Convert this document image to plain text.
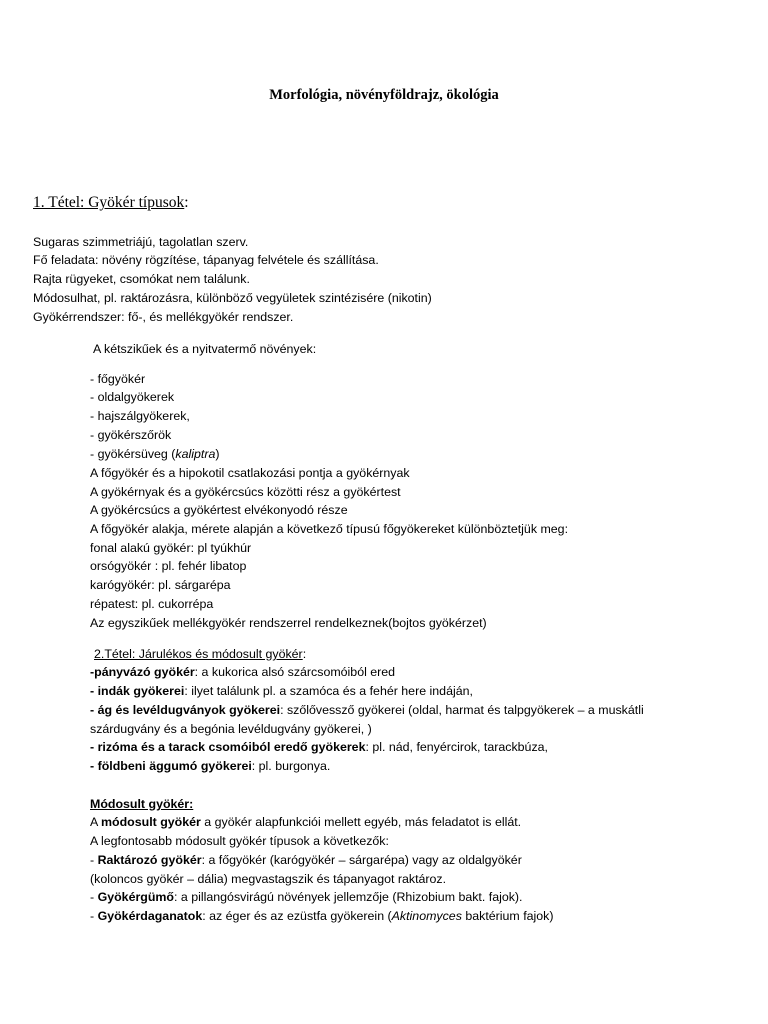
Morfológia, növényföldrajz, ökológia
1. Tétel: Gyökér típusok:
Sugaras szimmetriájú, tagolatlan szerv.
Fő feladata: növény rögzítése, tápanyag felvétele és szállítása.
Rajta rügyeket, csomókat nem találunk.
Módosulhat, pl. raktározásra, különböző vegyületek szintézisére (nikotin)
Gyökérrendszer: fő-, és mellékgyökér rendszer.
A kétszikűek és a nyitvatermő növények:
- főgyökér
- oldalgyökerek
- hajszálgyökerek,
- gyökérszőrök
- gyökérsüveg (kaliptra)
A főgyökér és a hipokotil csatlakozási pontja a gyökérnyak
A gyökérnyak és a gyökércsúcs közötti rész a gyökértest
A gyökércsúcs a gyökértest elvékonyodó része
A főgyökér alakja, mérete alapján a következő típusú főgyökereket különböztetjük meg:
fonal alakú gyökér: pl tyúkhúr
orsógyökér : pl. fehér libatop
karógyökér: pl. sárgarépa
répatest: pl. cukorrépa
Az egyszikűek mellékgyökér rendszerrel rendelkeznek(bojtos gyökérzet)
2.Tétel: Járulékos és módosult gyökér:
-pányvázó gyökér: a kukorica alsó szárcsomóiból ered
- indák gyökerei: ilyet találunk pl. a szamóca és a fehér here indáján,
- ág és levéldugványok gyökerei: szőlővessző gyökerei (oldal, harmat és talpgyökerek – a muskátli
szárdugvány és a begónia levéldugvány gyökerei, )
- rizóma és a tarack csomóiból eredő gyökerek: pl. nád, fenyércirok, tarackbúza,
- földbeni äggumó gyökerei: pl. burgonya.
Módosult gyökér:
A módosult gyökér a gyökér alapfunkciói mellett egyéb, más feladatot is ellát.
A legfontosabb módosult gyökér típusok a következők:
- Raktározó gyökér: a főgyökér (karógyökér – sárgarépa) vagy az oldalgyökér
(koloncos gyökér – dália) megvastagszik és tápanyagot raktároz.
- Gyökérgümő: a pillangósvirágú növények jellemzője (Rhizobium bakt. fajok).
- Gyökérdaganatok: az éger és az ezüstfa gyökerein (Aktinomyces baktérium fajok)
